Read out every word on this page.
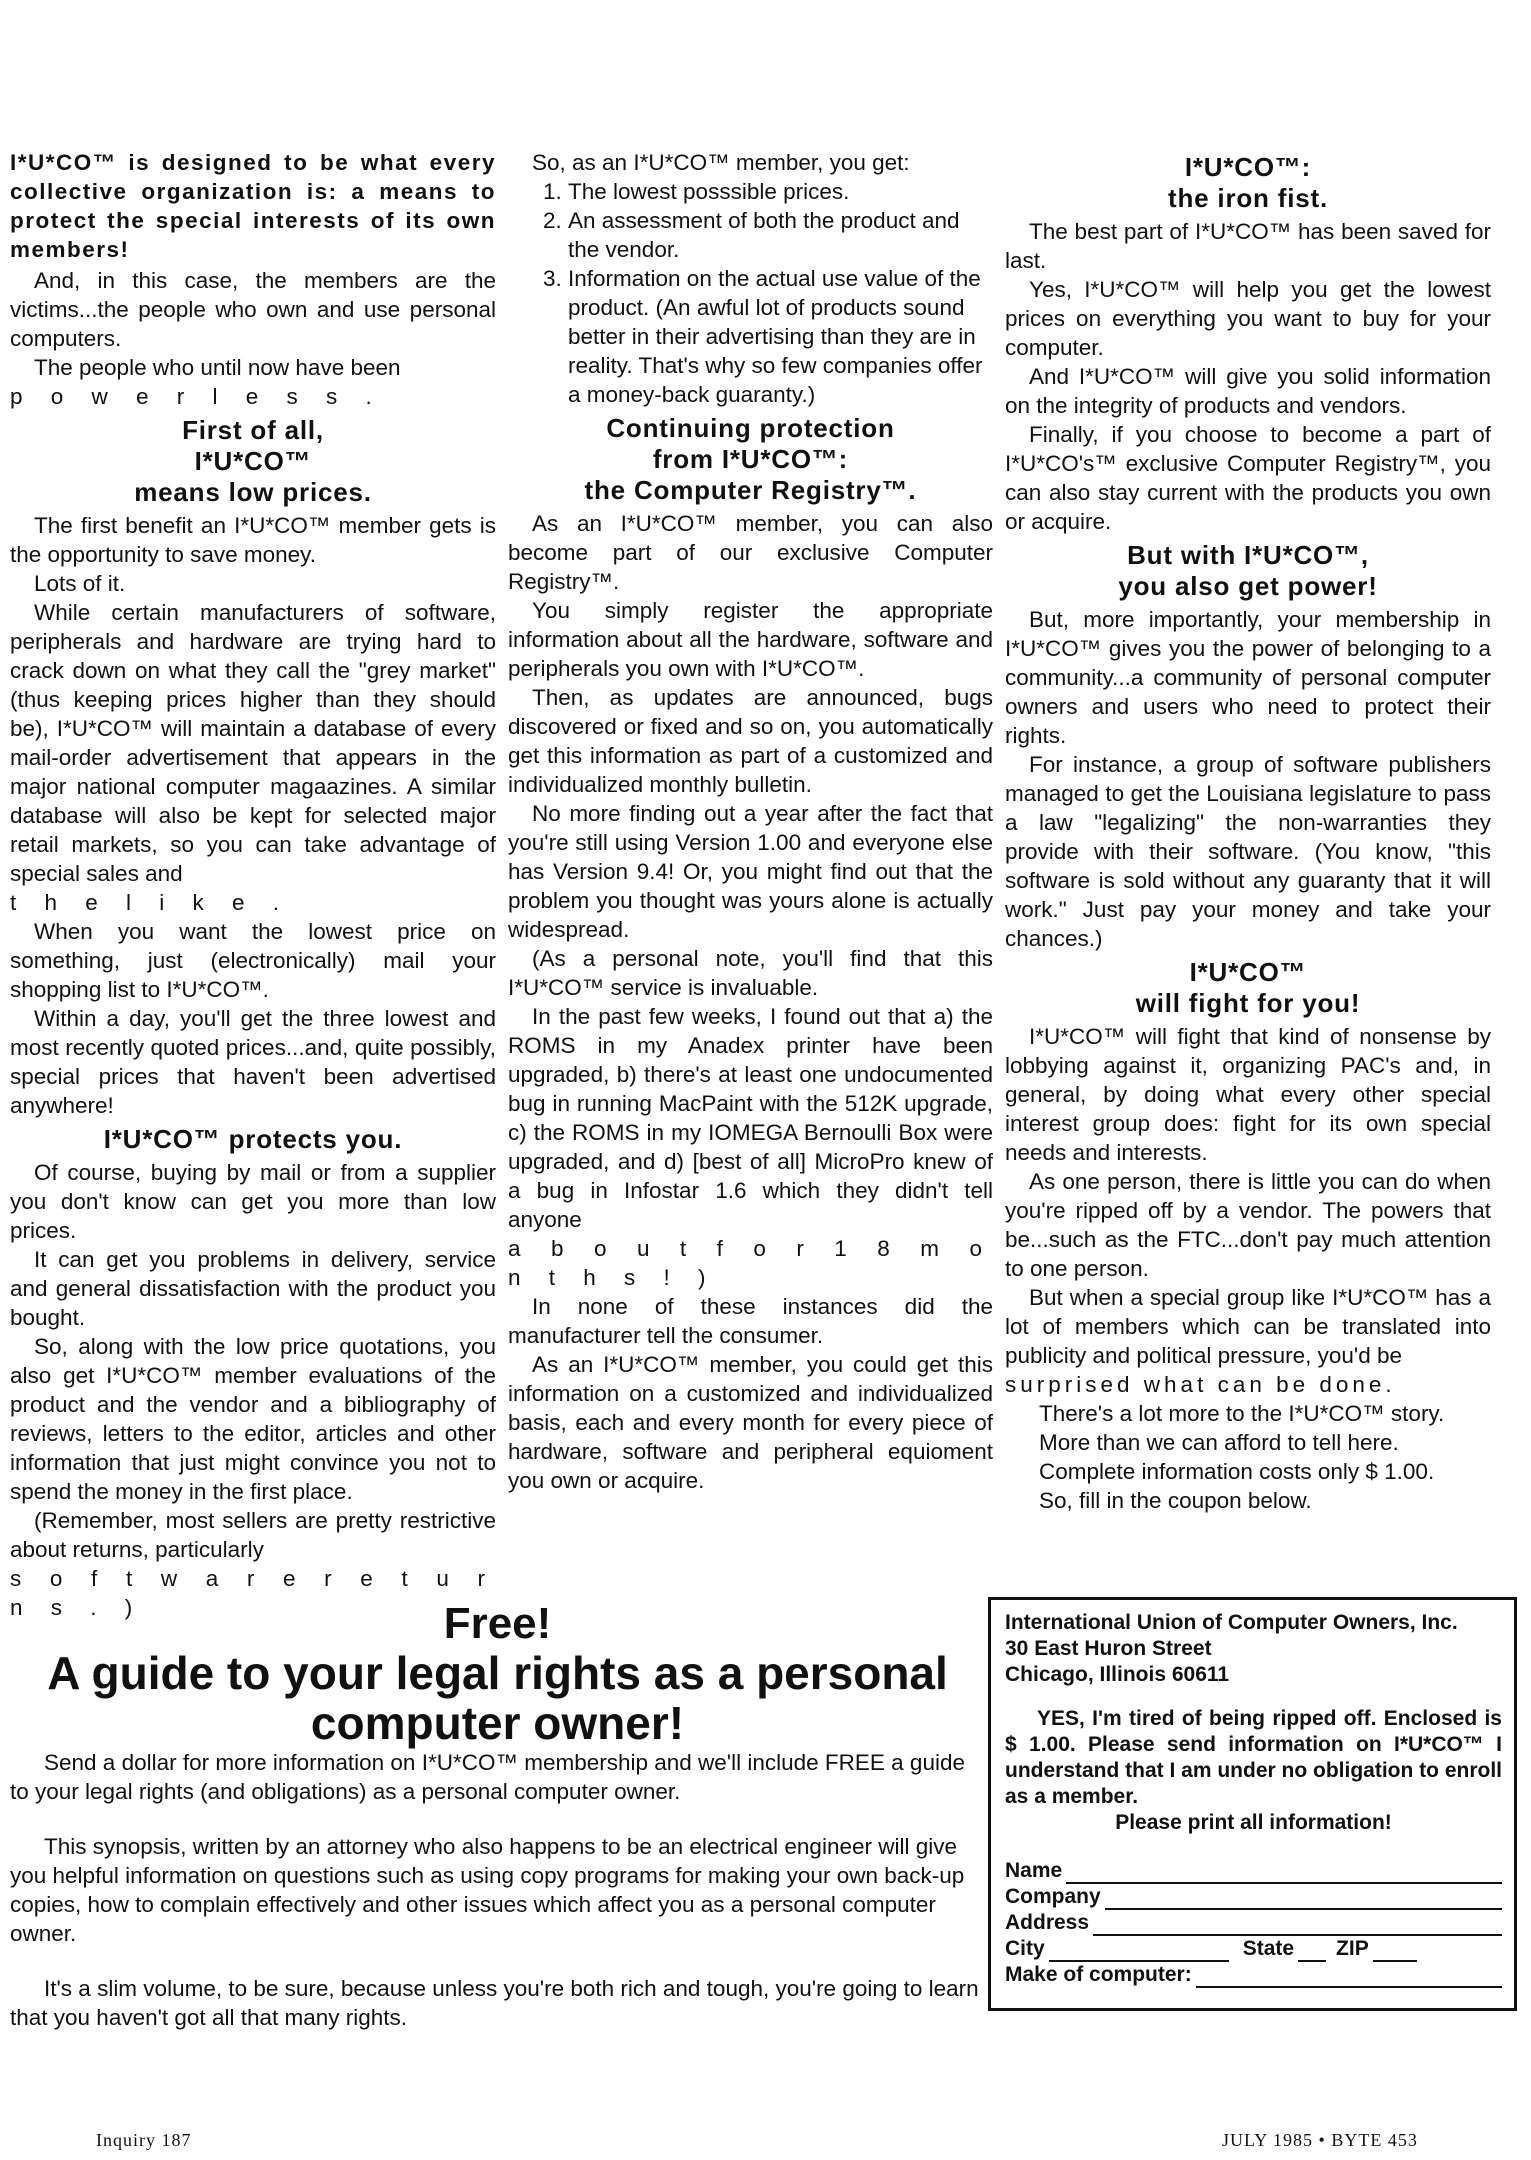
I*U*CO™ is designed to be what every collective organization is: a means to protect the special interests of its own members!

And, in this case, the members are the victims...the people who own and use personal computers.

The people who until now have been

p o w e r l e s s .

First of all,
I*U*CO™
means low prices.

The first benefit an I*U*CO™ member gets is the opportunity to save money.

Lots of it.

While certain manufacturers of software, peripherals and hardware are trying hard to crack down on what they call the "grey market" (thus keeping prices higher than they should be), I*U*CO™ will maintain a database of every mail-order advertisement that appears in the major national computer magaazines. A similar database will also be kept for selected major retail markets, so you can take advantage of special sales and

t h e l i k e .

When you want the lowest price on something, just (electronically) mail your shopping list to I*U*CO™.

Within a day, you'll get the three lowest and most recently quoted prices...and, quite possibly, special prices that haven't been advertised anywhere!

I*U*CO™ protects you.

Of course, buying by mail or from a supplier you don't know can get you more than low prices.

It can get you problems in delivery, service and general dissatisfaction with the product you bought.

So, along with the low price quotations, you also get I*U*CO™ member evaluations of the product and the vendor and a bibliography of reviews, letters to the editor, articles and other information that just might convince you not to spend the money in the first place.

(Remember, most sellers are pretty restrictive about returns, particularly

s o f t w a r e r e t u r n s . )

So, as an I*U*CO™ member, you get:

1. The lowest posssible prices.
2. An assessment of both the product and the vendor.
3. Information on the actual use value of the product. (An awful lot of products sound better in their advertising than they are in reality. That's why so few companies offer a money-back guaranty.)
Continuing protection
from I*U*CO™:
the Computer Registry™.

As an I*U*CO™ member, you can also become part of our exclusive Computer Registry™.

You simply register the appropriate information about all the hardware, software and peripherals you own with I*U*CO™.

Then, as updates are announced, bugs discovered or fixed and so on, you automatically get this information as part of a customized and individualized monthly bulletin.

No more finding out a year after the fact that you're still using Version 1.00 and everyone else has Version 9.4! Or, you might find out that the problem you thought was yours alone is actually widespread.

(As a personal note, you'll find that this I*U*CO™ service is invaluable.

In the past few weeks, I found out that a) the ROMS in my Anadex printer have been upgraded, b) there's at least one undocumented bug in running MacPaint with the 512K upgrade, c) the ROMS in my IOMEGA Bernoulli Box were upgraded, and d) [best of all] MicroPro knew of a bug in Infostar 1.6 which they didn't tell anyone

a b o u t f o r 1 8 m o n t h s ! )

In none of these instances did the manufacturer tell the consumer.

As an I*U*CO™ member, you could get this information on a customized and individualized basis, each and every month for every piece of hardware, software and peripheral equioment you own or acquire.

I*U*CO™:
the iron fist.

The best part of I*U*CO™ has been saved for last.

Yes, I*U*CO™ will help you get the lowest prices on everything you want to buy for your computer.

And I*U*CO™ will give you solid information on the integrity of products and vendors.

Finally, if you choose to become a part of I*U*CO's™ exclusive Computer Registry™, you can also stay current with the products you own or acquire.

But with I*U*CO™,
you also get power!

But, more importantly, your membership in I*U*CO™ gives you the power of belonging to a community...a community of personal computer owners and users who need to protect their rights.

For instance, a group of software publishers managed to get the Louisiana legislature to pass a law "legalizing" the non-warranties they provide with their software. (You know, "this software is sold without any guaranty that it will work." Just pay your money and take your chances.)

I*U*CO™
will fight for you!

I*U*CO™ will fight that kind of nonsense by lobbying against it, organizing PAC's and, in general, by doing what every other special interest group does: fight for its own special needs and interests.

As one person, there is little you can do when you're ripped off by a vendor. The powers that be...such as the FTC...don't pay much attention to one person.

But when a special group like I*U*CO™ has a lot of members which can be translated into publicity and political pressure, you'd be

surprised what can be done.

There's a lot more to the I*U*CO™ story.

More than we can afford to tell here.

Complete information costs only $ 1.00.

So, fill in the coupon below.

Free!
A guide to your legal rights as a personal computer owner!

Send a dollar for more information on I*U*CO™ membership and we'll include FREE a guide to your legal rights (and obligations) as a personal computer owner.

This synopsis, written by an attorney who also happens to be an electrical engineer will give you helpful information on questions such as using copy programs for making your own back-up copies, how to complain effectively and other issues which affect you as a personal computer owner.

It's a slim volume, to be sure, because unless you're both rich and tough, you're going to learn that you haven't got all that many rights.

International Union of Computer Owners, Inc.
30 East Huron Street
Chicago, Illinois 60611
YES, I'm tired of being ripped off. Enclosed is $ 1.00. Please send information on I*U*CO™ I understand that I am under no obligation to enroll as a member.
Please print all information!
Name
Company
Address
City	State ZIP
Make of computer:
Inquiry 187	JULY 1985 • BYTE 453
